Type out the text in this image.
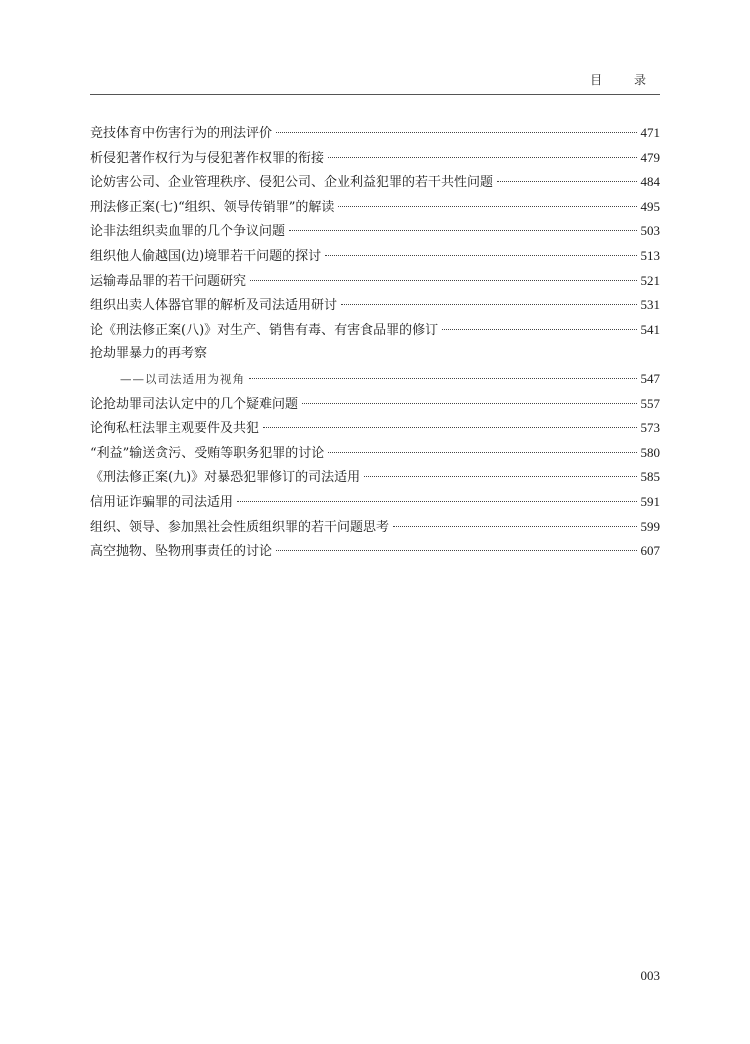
目 录
竞技体育中伤害行为的刑法评价	471
析侵犯著作权行为与侵犯著作权罪的衔接	479
论妨害公司、企业管理秩序、侵犯公司、企业利益犯罪的若干共性问题	484
刑法修正案(七)“组织、领导传销罪”的解读	495
论非法组织卖血罪的几个争议问题	503
组织他人偷越国(边)境罪若干问题的探讨	513
运输毒品罪的若干问题研究	521
组织出卖人体器官罪的解析及司法适用研讨	531
论《刑法修正案(八)》对生产、销售有毒、有害食品罪的修订	541
抢劫罪暴力的再考察
——以司法适用为视角	547
论抢劫罪司法认定中的几个疑难问题	557
论徇私枉法罪主观要件及共犯	573
“利益”输送贪污、受贿等职务犯罪的讨论	580
《刑法修正案(九)》对暴恐犯罪修订的司法适用	585
信用证诈骗罪的司法适用	591
组织、领导、参加黑社会性质组织罪的若干问题思考	599
高空抛物、坠物刑事责任的讨论	607
003
